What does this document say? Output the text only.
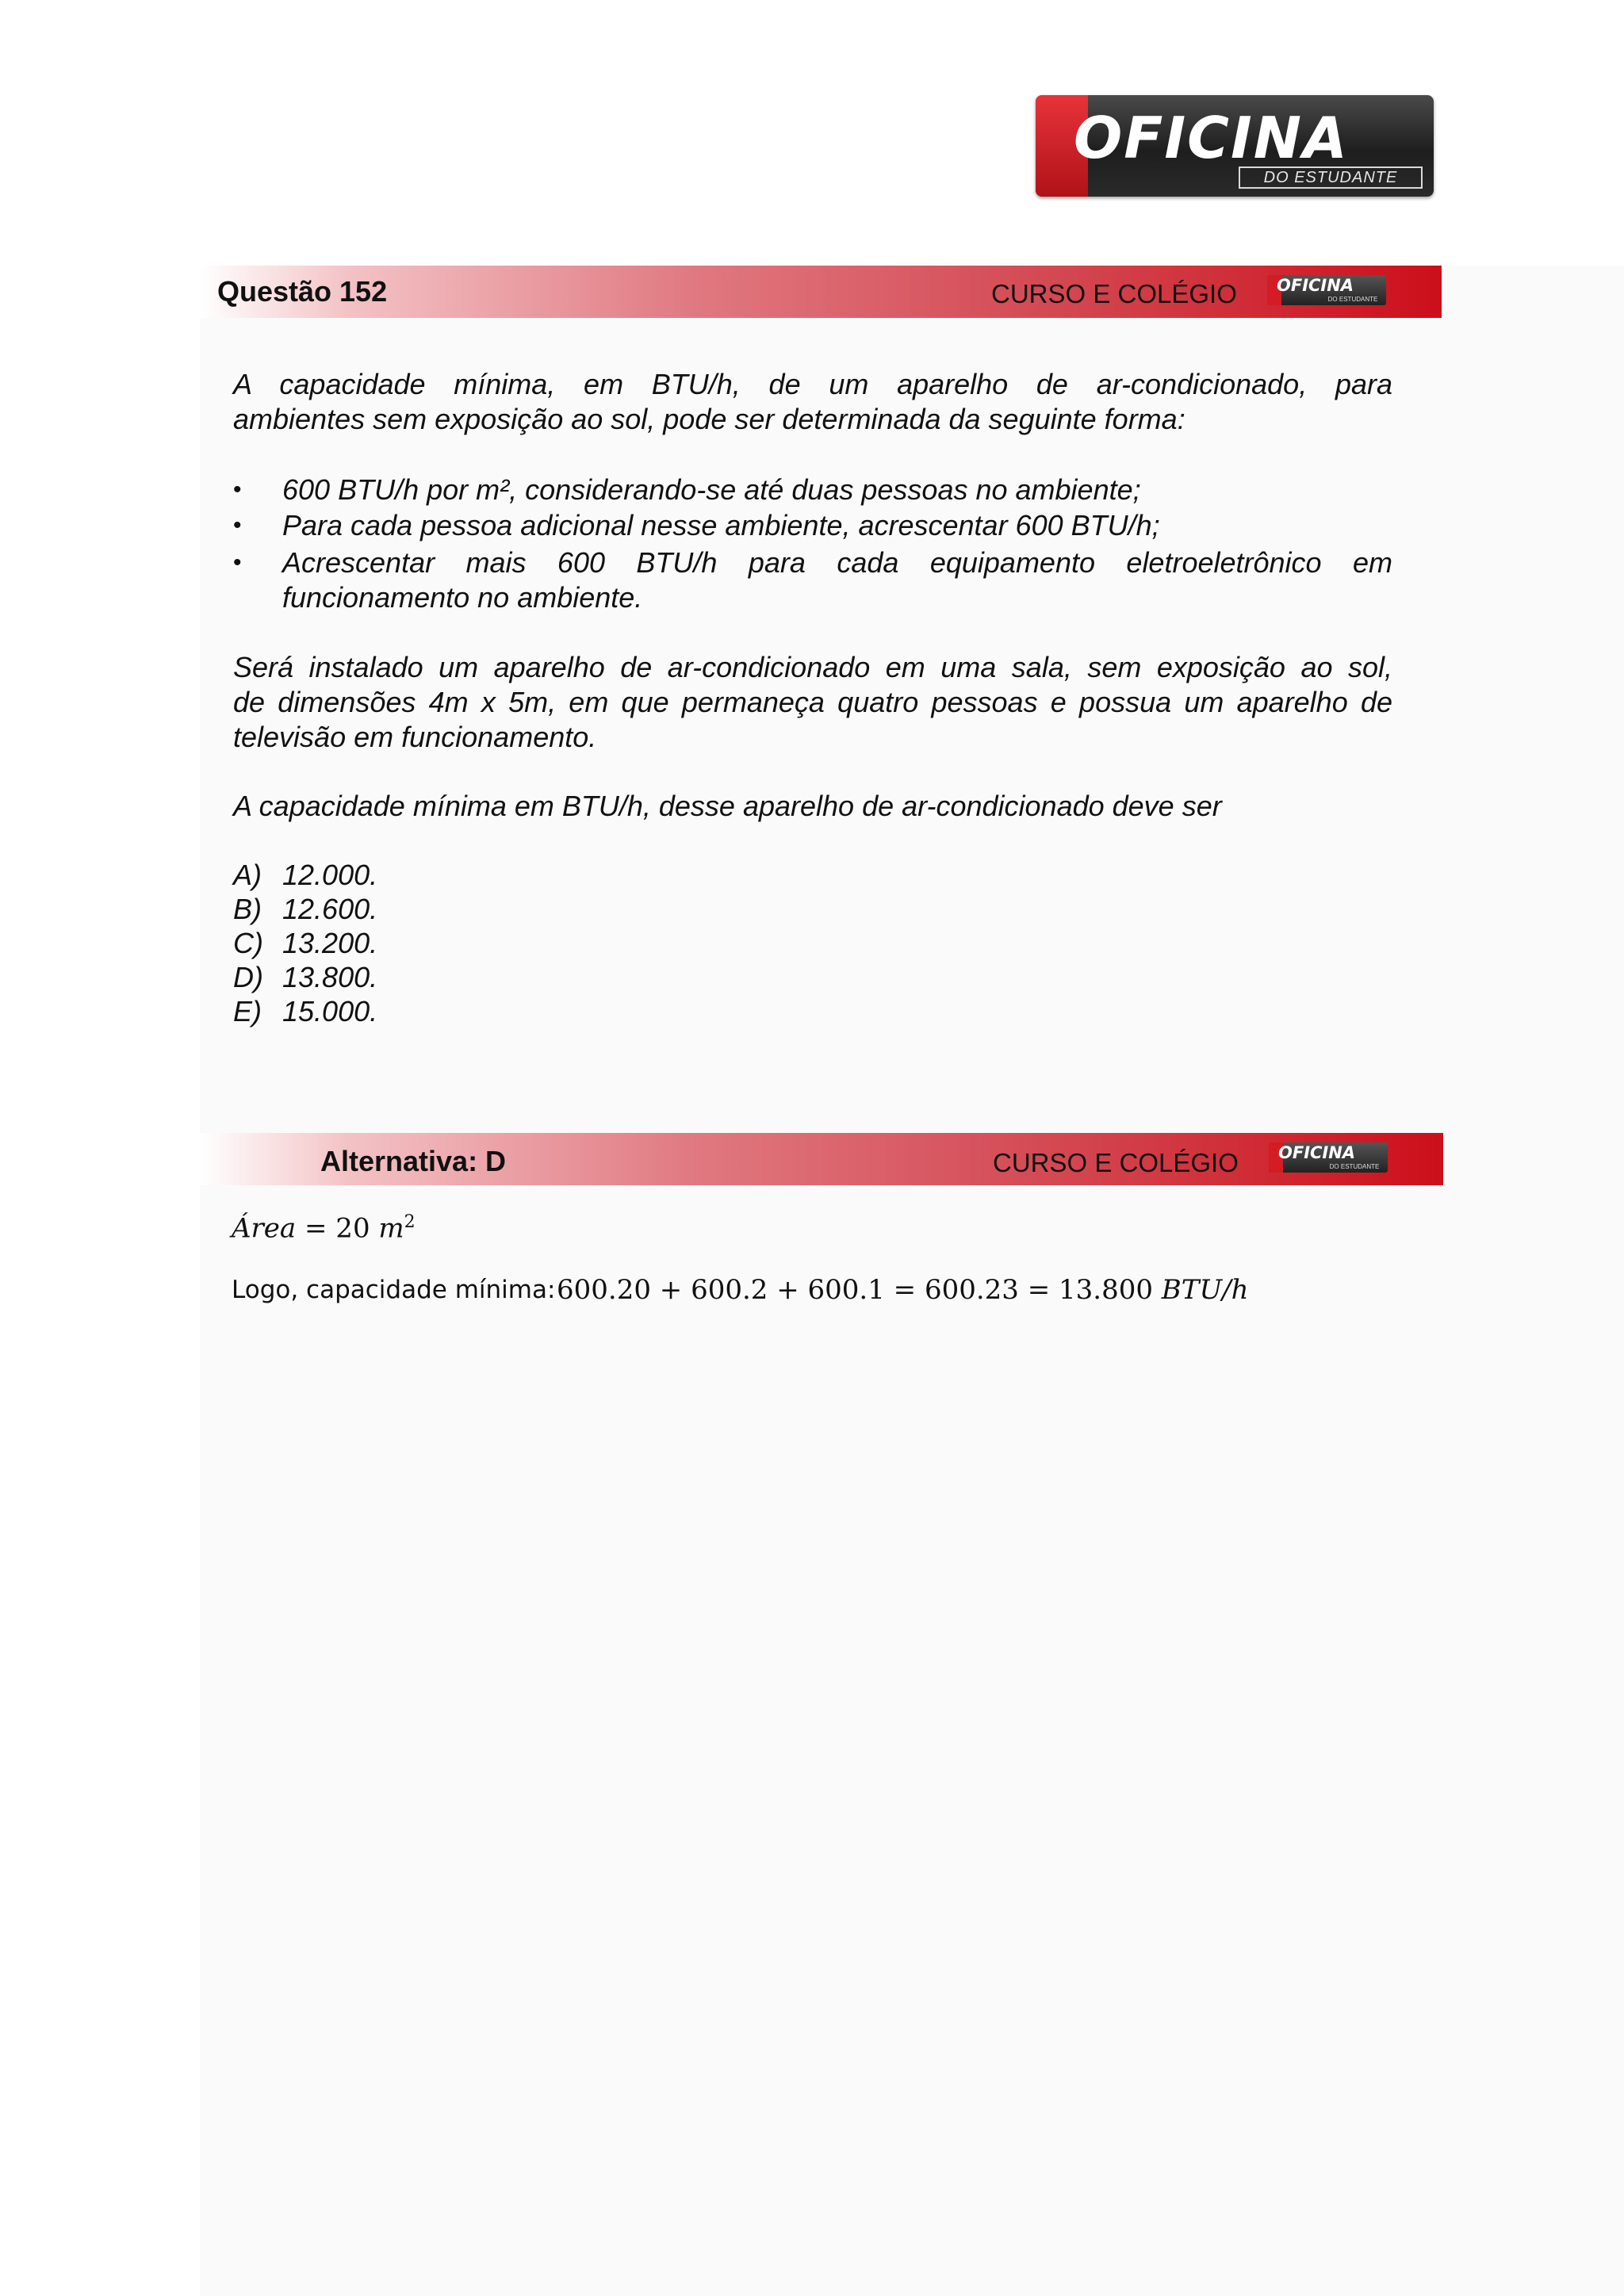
OFICINA
DO ESTUDANTE
Questão 152	CURSO E COLÉGIO OFICINA
DO ESTUDANTE
A capacidade mínima, em BTU/h, de um aparelho de ar-condicionado, para
ambientes sem exposição ao sol, pode ser determinada da seguinte forma:
• 600 BTU/h por m², considerando-se até duas pessoas no ambiente;
• Para cada pessoa adicional nesse ambiente, acrescentar 600 BTU/h;
• Acrescentar mais 600 BTU/h para cada equipamento eletroeletrônico em
funcionamento no ambiente.
Será instalado um aparelho de ar-condicionado em uma sala, sem exposição ao sol,
de dimensões 4m x 5m, em que permaneça quatro pessoas e possua um aparelho de
televisão em funcionamento.
A capacidade mínima em BTU/h, desse aparelho de ar-condicionado deve ser
A) 12.000.
B) 12.600.
C) 13.200.
D) 13.800.
E) 15.000.
Alternativa: D	CURSO E COLÉGIO OFICINA
DO ESTUDANTE
Área = 20 $m^2$
Logo, capacidade mínima: 600.20 + 600.2 + 600.1 = 600.23 = 13.800 BTU/h
